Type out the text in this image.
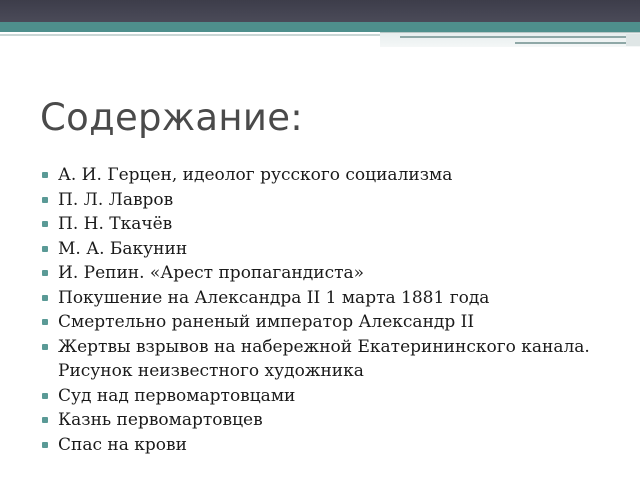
Содержание:
А. И. Герцен, идеолог русского социализма
П. Л. Лавров
П. Н. Ткачёв
М. А. Бакунин
И. Репин. «Арест пропагандиста»
Покушение на Александра II 1 марта 1881 года
Смертельно раненый император Александр II
Жертвы взрывов на набережной Екатерининского канала. Рисунок неизвестного художника
Суд над первомартовцами
Казнь первомартовцев
Спас на крови
